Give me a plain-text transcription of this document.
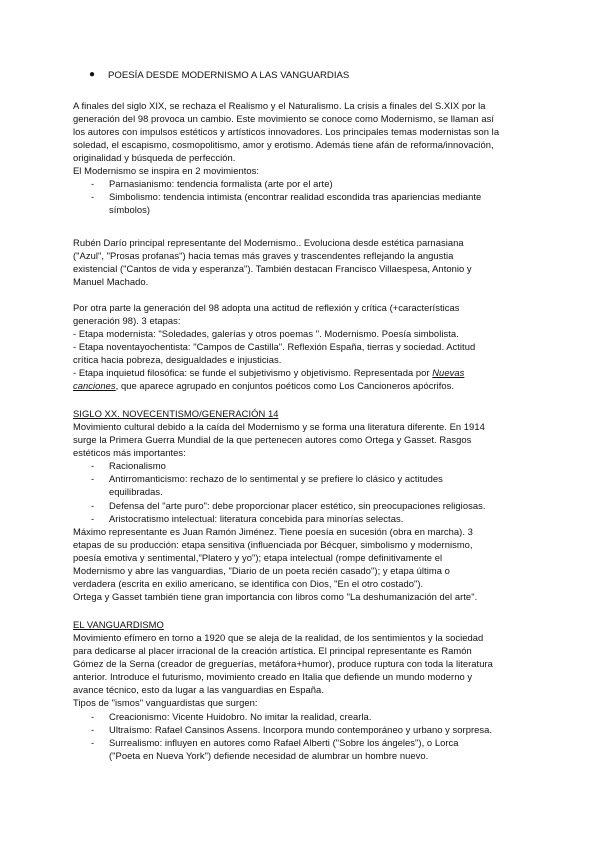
● POESÍA DESDE MODERNISMO A LAS VANGUARDIAS
A finales del siglo XIX, se rechaza el Realismo y el Naturalismo. La crisis a finales del S.XIX por la
generación del 98 provoca un cambio. Este movimiento se conoce como Modernismo, se llaman así
los autores con impulsos estéticos y artísticos innovadores. Los principales temas modernistas son la
soledad, el escapismo, cosmopolitismo, amor y erotismo. Además tiene afán de reforma/innovación,
originalidad y búsqueda de perfección.
El Modernismo se inspira en 2 movimientos:
- Parnasianismo: tendencia formalista (arte por el arte)
- Simbolismo: tendencia intimista (encontrar realidad escondida tras apariencias mediante
símbolos)
Rubén Darío principal representante del Modernismo.. Evoluciona desde estética parnasiana
("Azul", "Prosas profanas") hacia temas más graves y trascendentes reflejando la angustia
existencial ("Cantos de vida y esperanza"). También destacan Francisco Villaespesa, Antonio y
Manuel Machado.
Por otra parte la generación del 98 adopta una actitud de reflexión y crítica (+características
generación 98). 3 etapas:
- Etapa modernista: "Soledades, galerías y otros poemas ". Modernismo. Poesía simbolista.
- Etapa noventayochentista: "Campos de Castilla". Reflexión España, tierras y sociedad. Actitud
crítica hacia pobreza, desigualdades e injusticias.
- Etapa inquietud filosófica: se funde el subjetivismo y objetivismo. Representada por Nuevas
canciones, que aparece agrupado en conjuntos poéticos como Los Cancioneros apócrifos.
SIGLO XX. NOVECENTISMO/GENERACIÓN 14
Movimiento cultural debido a la caída del Modernismo y se forma una literatura diferente. En 1914
surge la Primera Guerra Mundial de la que pertenecen autores como Ortega y Gasset. Rasgos
estéticos más importantes:
- Racionalismo
- Antirromanticismo: rechazo de lo sentimental y se prefiere lo clásico y actitudes
equilibradas.
- Defensa del "arte puro": debe proporcionar placer estético, sin preocupaciones religiosas.
- Aristocratismo intelectual: literatura concebida para minorías selectas.
Máximo representante es Juan Ramón Jiménez. Tiene poesía en sucesión (obra en marcha). 3
etapas de su producción: etapa sensitiva (influenciada por Bécquer, simbolismo y modernismo,
poesía emotiva y sentimental,"Platero y yo"); etapa intelectual (rompe definitivamente el
Modernismo y abre las vanguardias, "Diario de un poeta recién casado"); y etapa última o
verdadera (escrita en exilio americano, se identifica con Dios, "En el otro costado").
Ortega y Gasset también tiene gran importancia con libros como "La deshumanización del arte".
EL VANGUARDISMO
Movimiento efímero en torno a 1920 que se aleja de la realidad, de los sentimientos y la sociedad
para dedicarse al placer irracional de la creación artística. El principal representante es Ramón
Gómez de la Serna (creador de greguerías, metáfora+humor), produce ruptura con toda la literatura
anterior. Introduce el futurismo, movimiento creado en Italia que defiende un mundo moderno y
avance técnico, esto da lugar a las vanguardias en España.
Tipos de "ismos" vanguardistas que surgen:
- Creacionismo: Vicente Huidobro. No imitar la realidad, crearla.
- Ultraísmo: Rafael Cansinos Assens. Incorpora mundo contemporáneo y urbano y sorpresa.
- Surrealismo: influyen en autores como Rafael Alberti ("Sobre los ángeles"), o Lorca
("Poeta en Nueva York") defiende necesidad de alumbrar un hombre nuevo.
